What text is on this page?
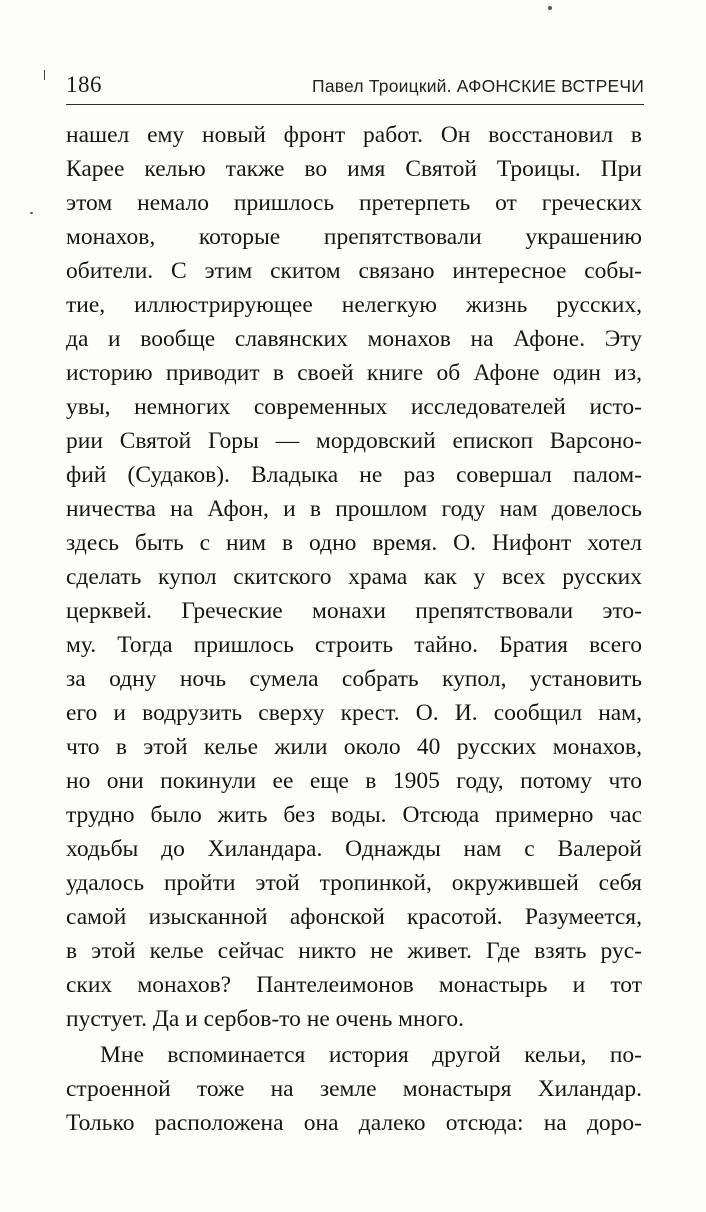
186	Павел Троицкий. АФОНСКИЕ ВСТРЕЧИ
нашел ему новый фронт работ. Он восстановил в
Карее келью также во имя Святой Троицы. При
этом немало пришлось претерпеть от греческих
монахов, которые препятствовали украшению
обители. С этим скитом связано интересное собы-
тие, иллюстрирующее нелегкую жизнь русских,
да и вообще славянских монахов на Афоне. Эту
историю приводит в своей книге об Афоне один из,
увы, немногих современных исследователей исто-
рии Святой Горы — мордовский епископ Варсоно-
фий (Судаков). Владыка не раз совершал палом-
ничества на Афон, и в прошлом году нам довелось
здесь быть с ним в одно время. О. Нифонт хотел
сделать купол скитского храма как у всех русских
церквей. Греческие монахи препятствовали это-
му. Тогда пришлось строить тайно. Братия всего
за одну ночь сумела собрать купол, установить
его и водрузить сверху крест. О. И. сообщил нам,
что в этой келье жили около 40 русских монахов,
но они покинули ее еще в 1905 году, потому что
трудно было жить без воды. Отсюда примерно час
ходьбы до Хиландара. Однажды нам с Валерой
удалось пройти этой тропинкой, окружившей себя
самой изысканной афонской красотой. Разумеется,
в этой келье сейчас никто не живет. Где взять рус-
ских монахов? Пантелеимонов монастырь и тот
пустует. Да и сербов-то не очень много.
Мне вспоминается история другой кельи, по-
строенной тоже на земле монастыря Хиландар.
Только расположена она далеко отсюда: на доро-
